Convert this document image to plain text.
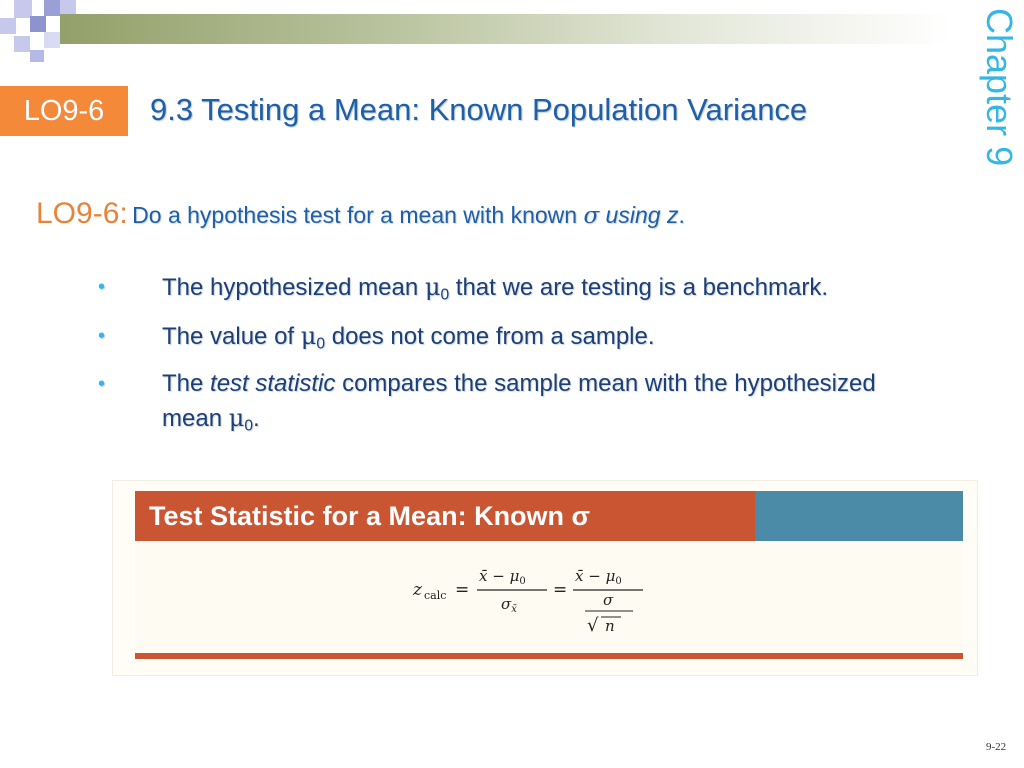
LO9-6	9.3 Testing a Mean: Known Population Variance	Chapter 9
LO9-6: Do a hypothesis test for a mean with known σ using z.
• The hypothesized mean $\mu_0$ that we are testing is a benchmark.
• The value of $\mu_0$ does not come from a sample.
• The test statistic compares the sample mean with the hypothesized mean $\mu_0$.
Test Statistic for a Mean: Known σ
z calc =
x̄ − $\mu_0$
$\sigma_{x̄}$
=
x̄ − $\mu_0$
σ
√ n
9-22
